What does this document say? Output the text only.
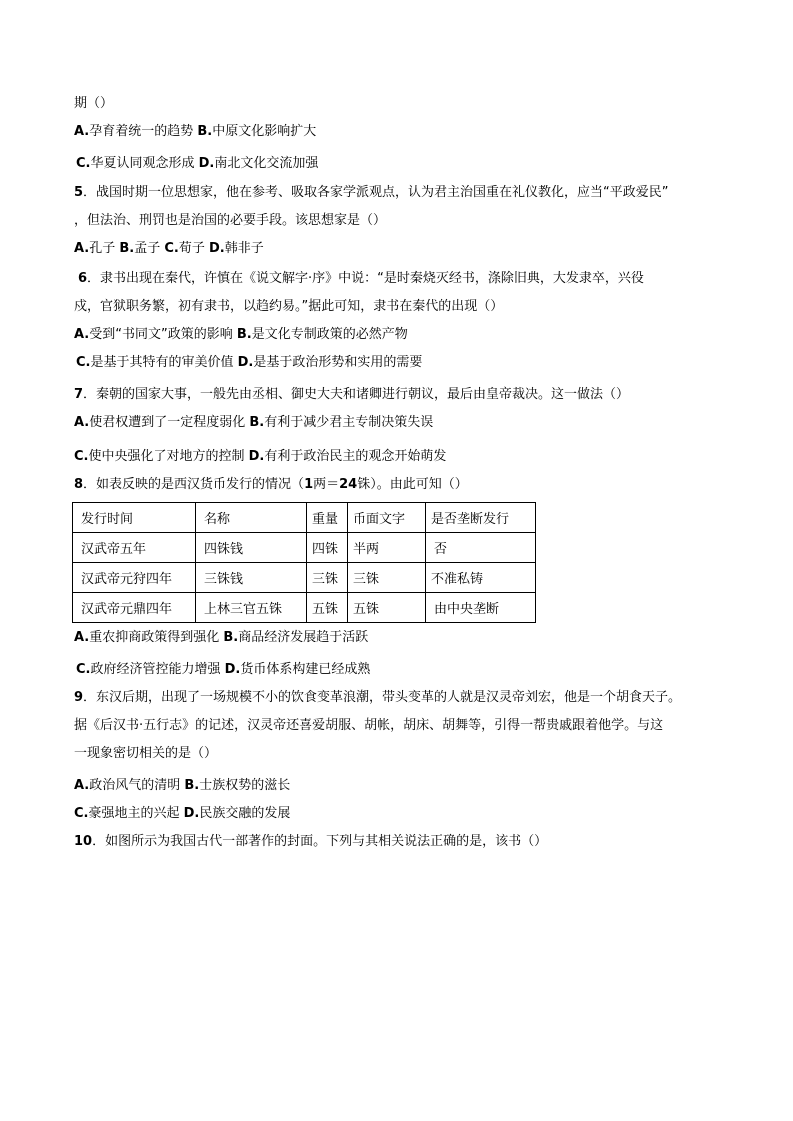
期（）
A.孕育着统一的趋势 B.中原文化影响扩大
C.华夏认同观念形成 D.南北文化交流加强
5．战国时期一位思想家，他在参考、吸取各家学派观点，认为君主治国重在礼仪教化，应当“平政爱民”
，但法治、刑罚也是治国的必要手段。该思想家是（）
A.孔子 B.孟子 C.荀子 D.韩非子
6．隶书出现在秦代，许慎在《说文解字·序》中说：“是时秦烧灭经书，涤除旧典，大发隶卒，兴役
戍，官狱职务繁，初有隶书，以趋约易。”据此可知，隶书在秦代的出现（）
A.受到“书同文”政策的影响 B.是文化专制政策的必然产物
C.是基于其特有的审美价值 D.是基于政治形势和实用的需要
7．秦朝的国家大事，一般先由丞相、御史大夫和诸卿进行朝议，最后由皇帝裁决。这一做法（）
A.使君权遭到了一定程度弱化 B.有利于减少君主专制决策失误
C.使中央强化了对地方的控制 D.有利于政治民主的观念开始萌发
8．如表反映的是西汉货币发行的情况（1两＝24铢）。由此可知（）
发行时间	名称	重量	币面文字	是否垄断发行
汉武帝五年	四铢钱	四铢	半两	否
汉武帝元狩四年	三铢钱	三铢	三铢	不准私铸
汉武帝元鼎四年	上林三官五铢	五铢	五铢	由中央垄断
A.重农抑商政策得到强化 B.商品经济发展趋于活跃
C.政府经济管控能力增强 D.货币体系构建已经成熟
9．东汉后期，出现了一场规模不小的饮食变革浪潮，带头变革的人就是汉灵帝刘宏，他是一个胡食天子。
据《后汉书·五行志》的记述，汉灵帝还喜爱胡服、胡帐，胡床、胡舞等，引得一帮贵戚跟着他学。与这
一现象密切相关的是（）
A.政治风气的清明 B.士族权势的滋长
C.豪强地主的兴起 D.民族交融的发展
10．如图所示为我国古代一部著作的封面。下列与其相关说法正确的是，该书（）
